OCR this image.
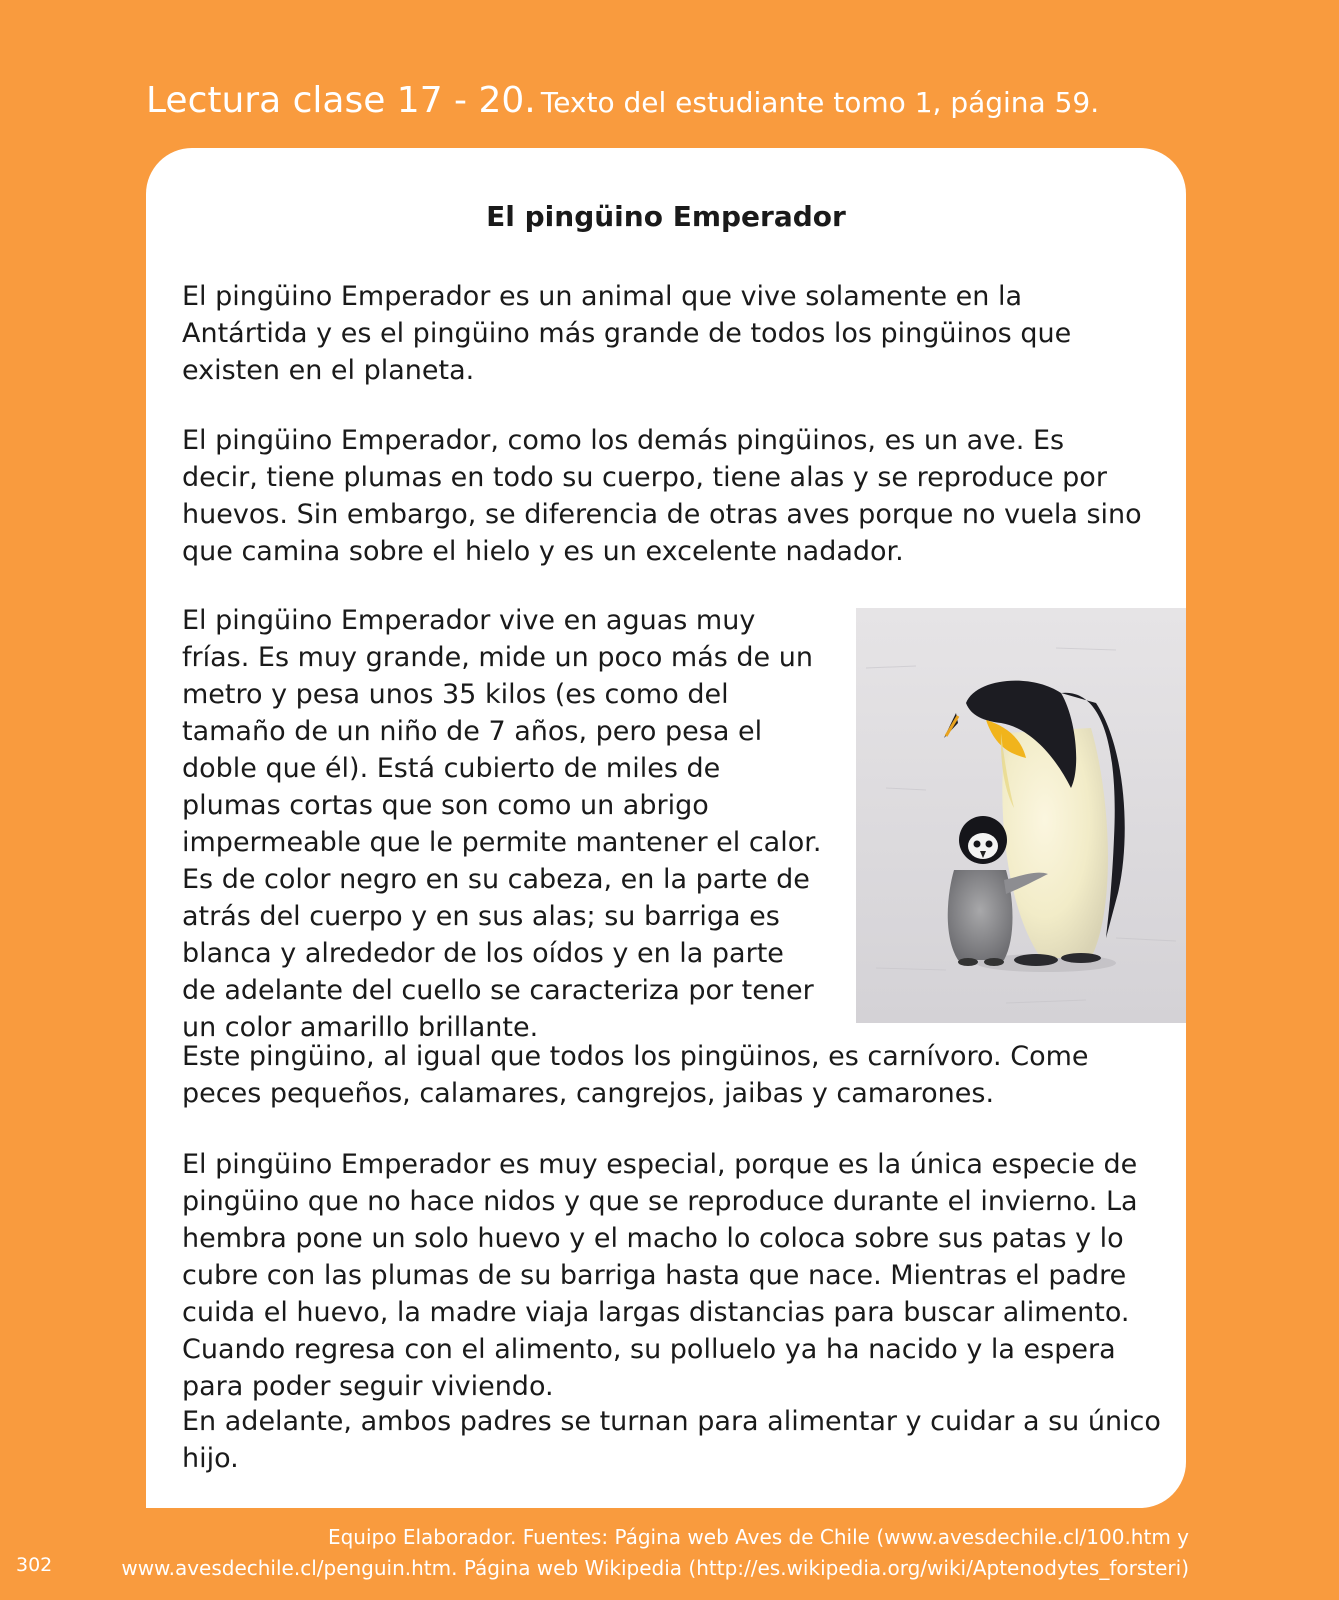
Lectura clase 17 - 20. Texto del estudiante tomo 1, página 59.
El pingüino Emperador
El pingüino Emperador es un animal que vive solamente en la Antártida y es el pingüino más grande de todos los pingüinos que existen en el planeta.
El pingüino Emperador, como los demás pingüinos, es un ave. Es decir, tiene plumas en todo su cuerpo, tiene alas y se reproduce por huevos. Sin embargo, se diferencia de otras aves porque no vuela sino que camina sobre el hielo y es un excelente nadador.
El pingüino Emperador vive en aguas muy frías. Es muy grande, mide un poco más de un metro y pesa unos 35 kilos (es como del tamaño de un niño de 7 años, pero pesa el doble que él). Está cubierto de miles de plumas cortas que son como un abrigo impermeable que le permite mantener el calor. Es de color negro en su cabeza, en la parte de atrás del cuerpo y en sus alas; su barriga es blanca y alrededor de los oídos y en la parte de adelante del cuello se caracteriza por tener un color amarillo brillante.
Este pingüino, al igual que todos los pingüinos, es carnívoro. Come peces pequeños, calamares, cangrejos, jaibas y camarones.
El pingüino Emperador es muy especial, porque es la única especie de pingüino que no hace nidos y que se reproduce durante el invierno. La hembra pone un solo huevo y el macho lo coloca sobre sus patas y lo cubre con las plumas de su barriga hasta que nace. Mientras el padre cuida el huevo, la madre viaja largas distancias para buscar alimento. Cuando regresa con el alimento, su polluelo ya ha nacido y la espera para poder seguir viviendo.
En adelante, ambos padres se turnan para alimentar y cuidar a su único hijo.
Equipo Elaborador. Fuentes: Página web Aves de Chile (www.avesdechile.cl/100.htm y
www.avesdechile.cl/penguin.htm. Página web Wikipedia (http://es.wikipedia.org/wiki/Aptenodytes_forsteri)
302
